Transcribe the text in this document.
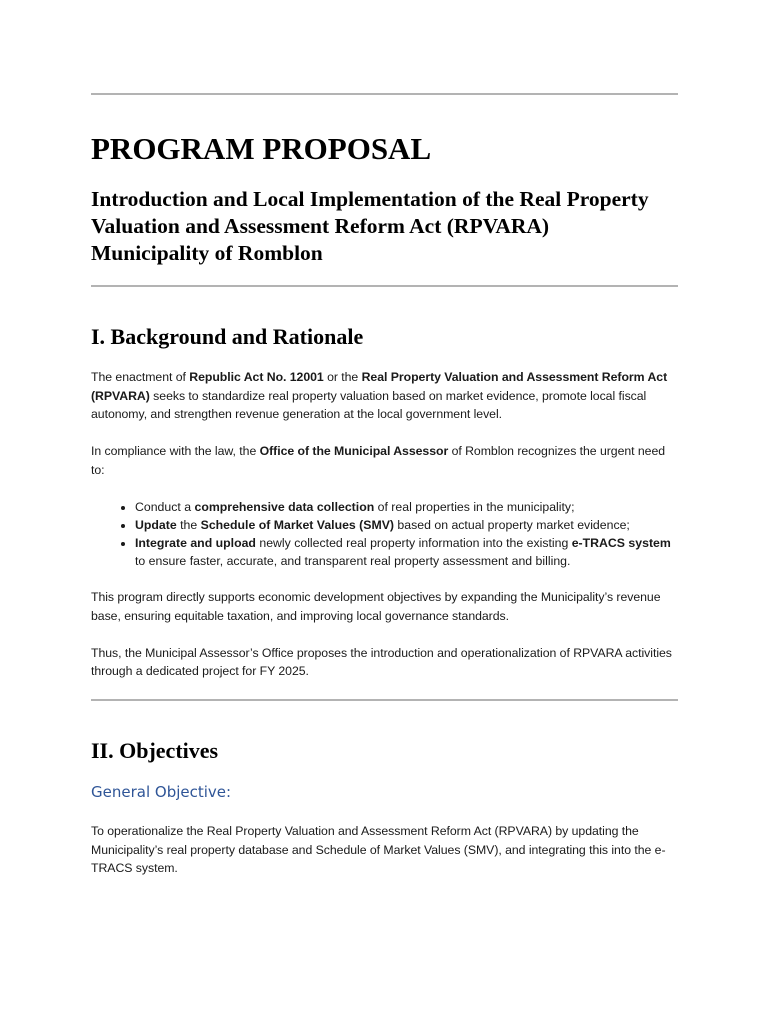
PROGRAM PROPOSAL
Introduction and Local Implementation of the Real Property Valuation and Assessment Reform Act (RPVARA)
Municipality of Romblon
I. Background and Rationale

The enactment of Republic Act No. 12001 or the Real Property Valuation and Assessment Reform Act (RPVARA) seeks to standardize real property valuation based on market evidence, promote local fiscal autonomy, and strengthen revenue generation at the local government level.

In compliance with the law, the Office of the Municipal Assessor of Romblon recognizes the urgent need to:

• Conduct a comprehensive data collection of real properties in the municipality;
• Update the Schedule of Market Values (SMV) based on actual property market evidence;
• Integrate and upload newly collected real property information into the existing e-TRACS system to ensure faster, accurate, and transparent real property assessment and billing.

This program directly supports economic development objectives by expanding the Municipality’s revenue base, ensuring equitable taxation, and improving local governance standards.

Thus, the Municipal Assessor’s Office proposes the introduction and operationalization of RPVARA activities through a dedicated project for FY 2025.

II. Objectives
General Objective:

To operationalize the Real Property Valuation and Assessment Reform Act (RPVARA) by updating the Municipality’s real property database and Schedule of Market Values (SMV), and integrating this into the e-TRACS system.
